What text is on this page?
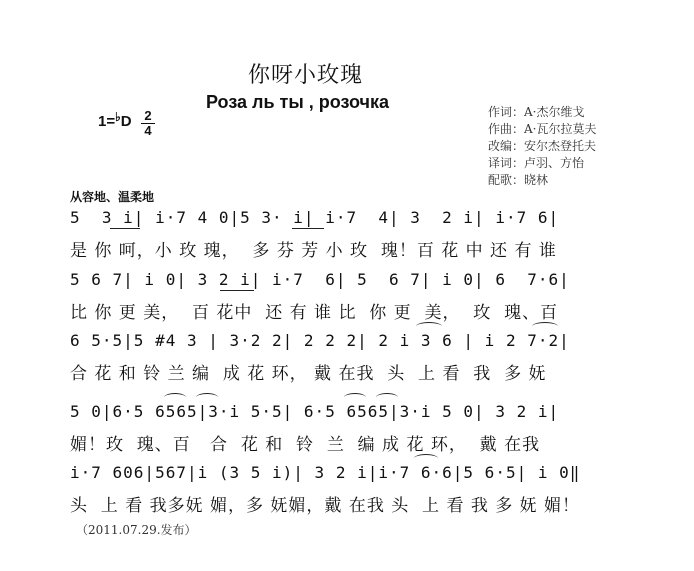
你呀小玫瑰
Роза ль ты , розочка
1=♭D 2
4
作词：A·杰尔维戈
作曲：A·瓦尔拉莫夫
改编：安尔杰登托夫
译词：卢羽、方怡
配歌：晓林
从容地、温柔地
5  3 i| i·7 4 0|5 3· i| i·7  4| 3  2 i| i·7 6|
是 你 呵，小 玫 瑰，  多 芬 芳 小 玫  瑰！百 花 中 还 有 谁
5 6 7| i 0| 3 2 i| i·7  6| 5  6 7| i 0| 6  7·6|
比 你 更 美，  百 花中  还 有 谁 比  你 更  美，  玫  瑰、百
6 5·5|5 #4 3 | 3·2 2| 2 2 2| 2 i 3 6 | i 2 7·2|
合 花 和 铃 兰 编  成 花 环， 戴 在我  头  上 看  我  多 妩
5 0|6·5 6565|3·i 5·5| 6·5 6565|3·i 5 0| 3 2 i|
媚！玫  瑰、百   合  花 和  铃  兰  编 成 花 环，  戴 在我
i·7 606|567|i (3 5 i)| 3 2 i|i·7 6·6|5 6·5| i 0‖
头  上 看 我多妩 媚，多 妩媚，戴 在我 头  上 看 我 多 妩 媚！
（2011.07.29.发布）
